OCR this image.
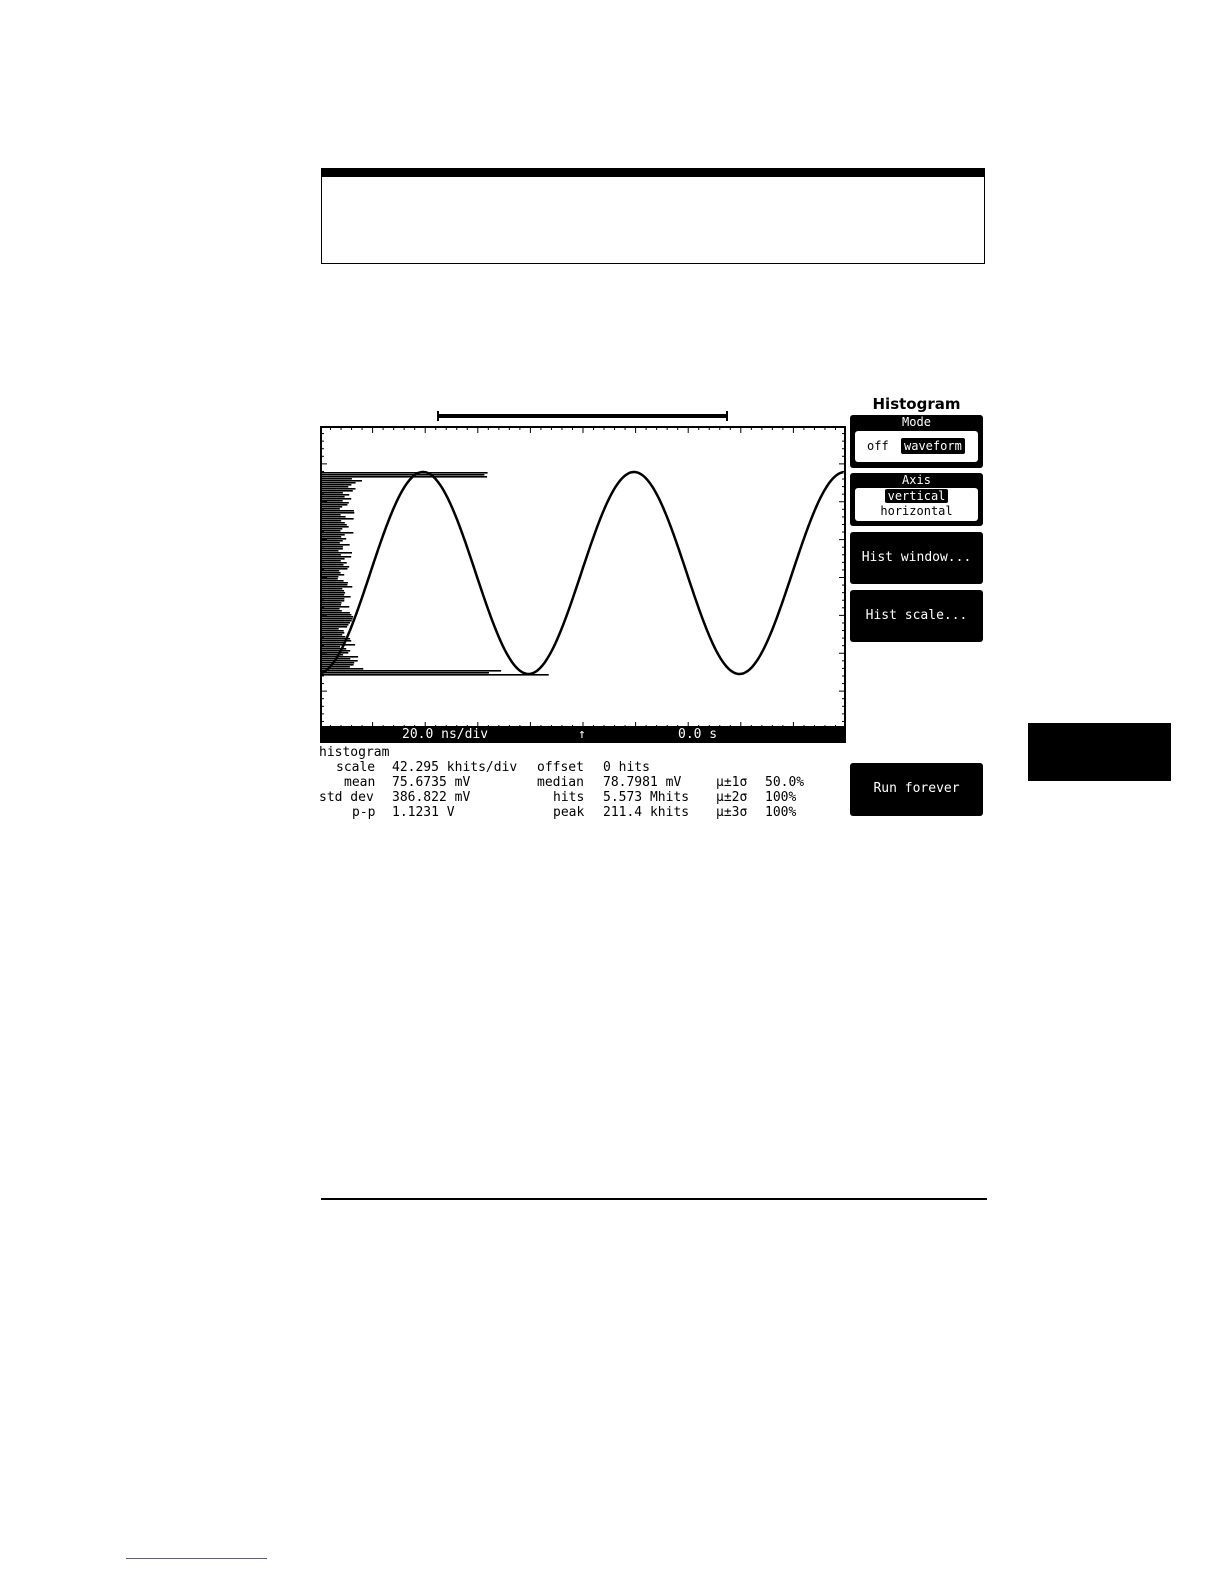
20.0 ns/div	↑	0.0 s
histogram
scale 42.295 khits/div offset 0 hits
mean 75.6735 mV	median 78.7981 mV	μ±1σ 50.0%
std dev 386.822 mV	hits 5.573 Mhits μ±2σ 100%
p-p 1.1231 V	peak 211.4 khits μ±3σ 100%
Histogram
Mode
off waveform
Axis
vertical
horizontal
Hist window...
Hist scale...
Run forever
